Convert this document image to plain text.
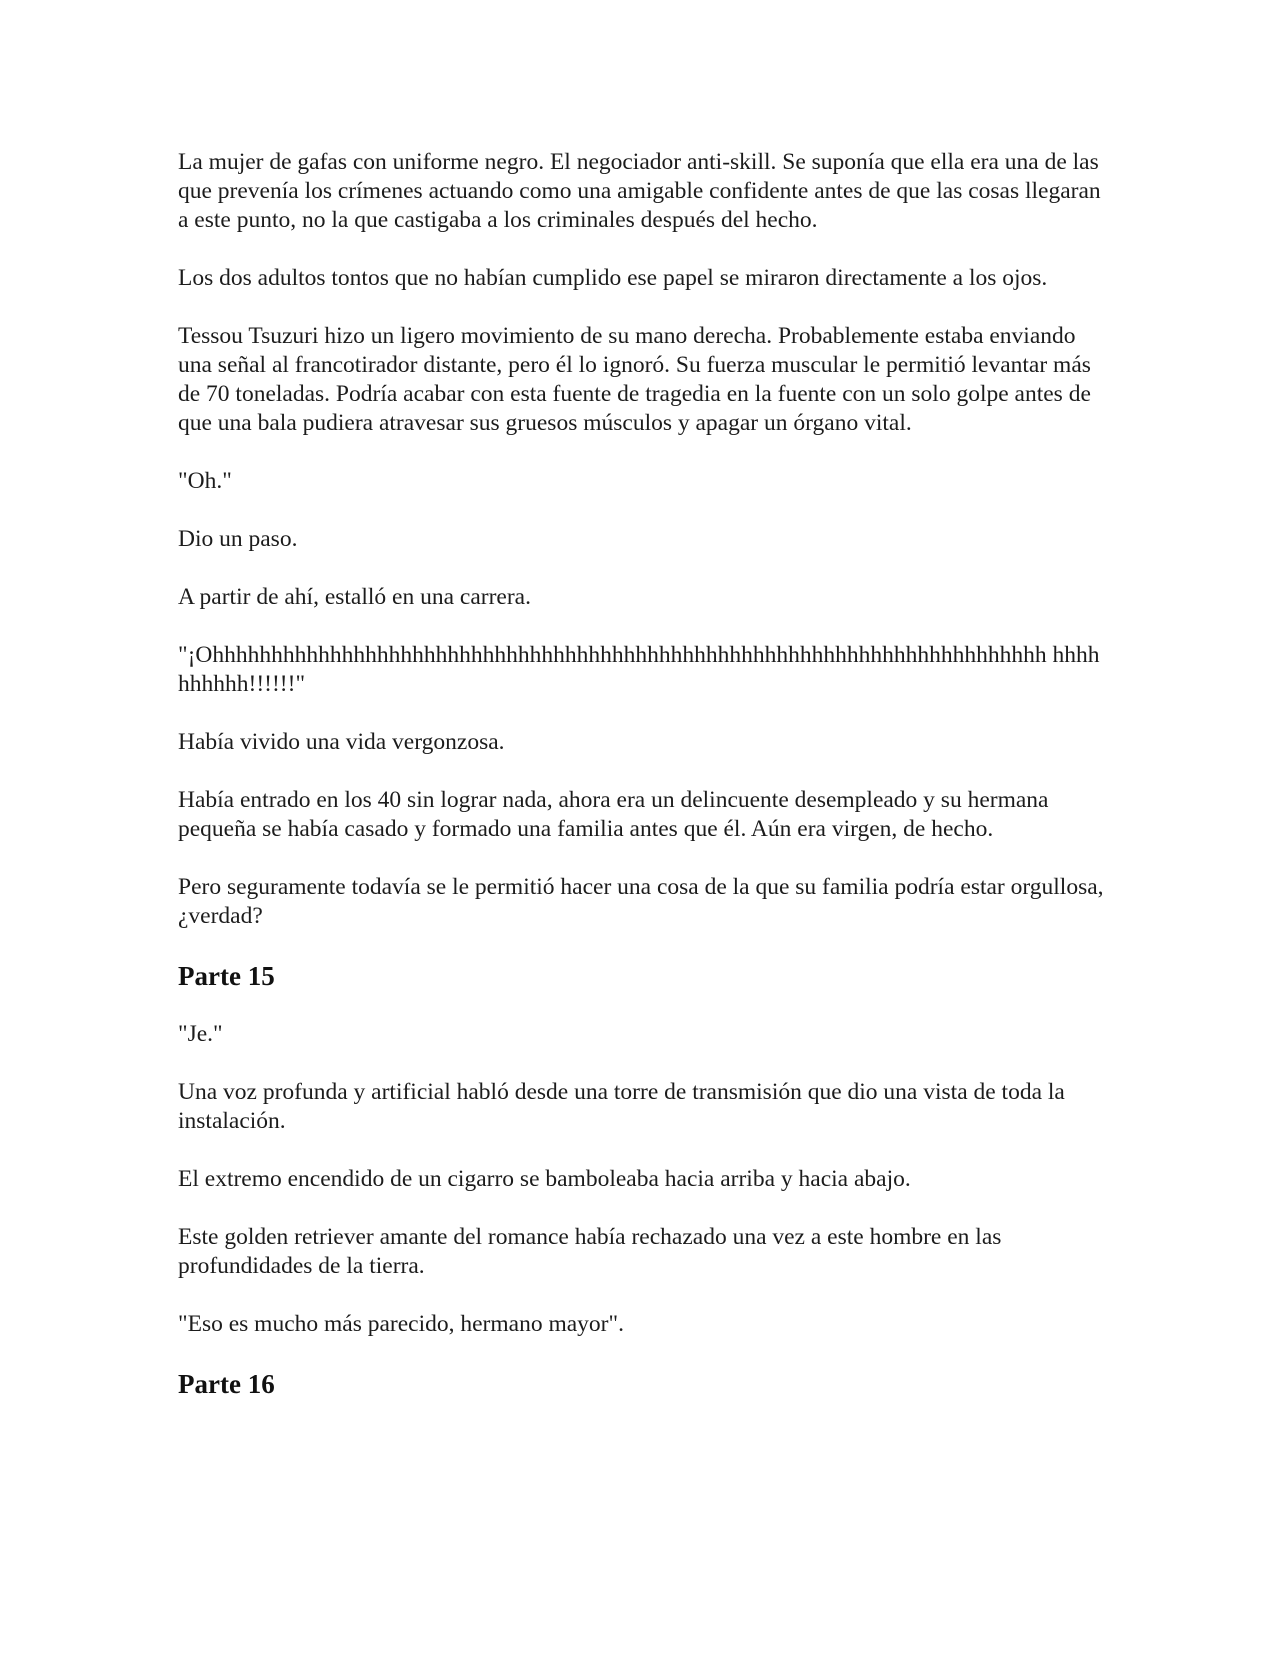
La mujer de gafas con uniforme negro. El negociador anti-skill. Se suponía que ella era una de las que prevenía los crímenes actuando como una amigable confidente antes de que las cosas llegaran a este punto, no la que castigaba a los criminales después del hecho.

Los dos adultos tontos que no habían cumplido ese papel se miraron directamente a los ojos.

Tessou Tsuzuri hizo un ligero movimiento de su mano derecha. Probablemente estaba enviando una señal al francotirador distante, pero él lo ignoró. Su fuerza muscular le permitió levantar más de 70 toneladas. Podría acabar con esta fuente de tragedia en la fuente con un solo golpe antes de que una bala pudiera atravesar sus gruesos músculos y apagar un órgano vital.

"Oh."

Dio un paso.

A partir de ahí, estalló en una carrera.

"¡Ohhhhhhhhhhhhhhhhhhhhhhhhhhhhhhhhhhhhhhhhhhhhhhhhhhhhhhhhhhhhhhhhhhhhhhh hhhhhhhhhh!!!!!!"

Había vivido una vida vergonzosa.

Había entrado en los 40 sin lograr nada, ahora era un delincuente desempleado y su hermana pequeña se había casado y formado una familia antes que él. Aún era virgen, de hecho.

Pero seguramente todavía se le permitió hacer una cosa de la que su familia podría estar orgullosa, ¿verdad?

Parte 15

"Je."

Una voz profunda y artificial habló desde una torre de transmisión que dio una vista de toda la instalación.

El extremo encendido de un cigarro se bamboleaba hacia arriba y hacia abajo.

Este golden retriever amante del romance había rechazado una vez a este hombre en las profundidades de la tierra.

"Eso es mucho más parecido, hermano mayor".

Parte 16
